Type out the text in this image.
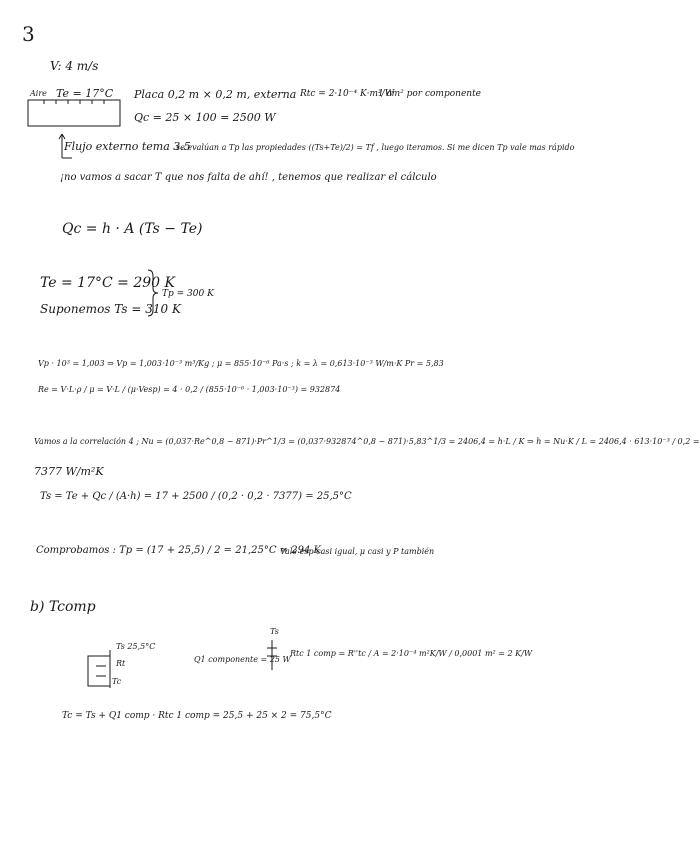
3
V: 4 m/s
Aire Te = 17°C Placa 0,2 m × 0,2 m, externa Rtc = 2·10⁻⁴ K·m²/W
1 cm² por componente
Qc = 25 × 100 = 2500 W
Flujo externo tema 3.5
se evalúan a Tp las propiedades ((Ts+Te)/2) = Tf , luego iteramos. Si me dicen Tp vale mas rápido
¡no vamos a sacar T que nos falta de ahí! , tenemos que realizar el cálculo
Qc = h · A (Ts − Te)
Te = 17°C = 290 K
Suponemos Ts = 310 K
Tp = 300 K
Vp · 10³ = 1,003 ⇒ Vp = 1,003·10⁻³ m³/Kg ; μ = 855·10⁻⁶ Pa·s ; k = λ = 0,613·10⁻³ W/m·K Pr = 5,83
Re = V·L·ρ / μ = V·L / (μ·Vesp) = 4 · 0,2 / (855·10⁻⁶ · 1,003·10⁻³) = 932874
Vamos a la correlación 4 ; Nu = (0,037·Re^0,8 − 871)·Pr^1/3 = (0,037·932874^0,8 − 871)·5,83^1/3 = 2406,4 = h·L / K ⇒ h = Nu·K / L = 2406,4 · 613·10⁻³ / 0,2 =
7377 W/m²K
Ts = Te + Qc / (A·h) = 17 + 2500 / (0,2 · 0,2 · 7377) = 25,5°C
Comprobamos : Tp = (17 + 25,5) / 2 = 21,25°C ≃ 294 K
Vale esp casi igual, μ casi y P también
b) Tcomp
Ts 25,5°C
Rt
Tc
Ts
Q1 componente = 25 W
Rtc 1 comp = R''tc / A = 2·10⁻⁴ m²K/W / 0,0001 m² = 2 K/W
Tc = Ts + Q1 comp · Rtc 1 comp = 25,5 + 25 × 2 = 75,5°C
